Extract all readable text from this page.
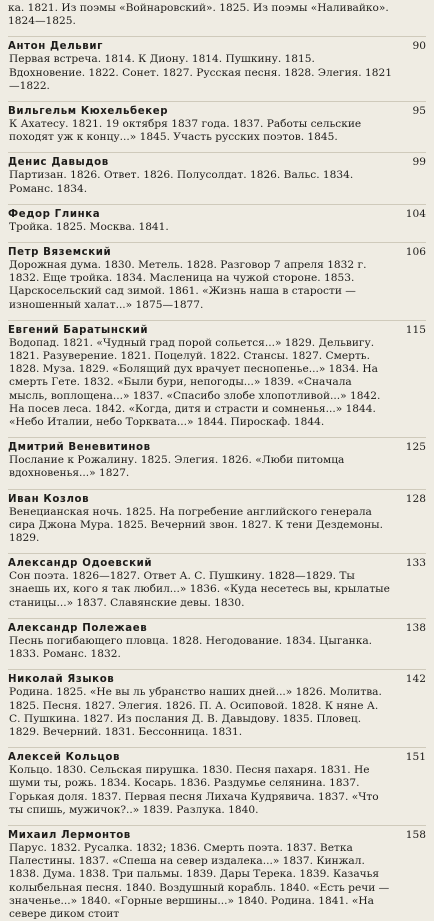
ка. 1821. Из поэмы «Войнаровский». 1825. Из поэмы «Наливайко». 1824—1825.
Антон Дельвиг	90
Первая встреча. 1814. К Диону. 1814. Пушкину. 1815. Вдохновение. 1822. Сонет. 1827. Русская песня. 1828. Элегия. 1821—1822.
Вильгельм Кюхельбекер	95
К Ахатесу. 1821. 19 октября 1837 года. 1837. Работы сельские походят уж к концу...» 1845. Участь русских поэтов. 1845.
Денис Давыдов	99
Партизан. 1826. Ответ. 1826. Полусолдат. 1826. Вальс. 1834. Романс. 1834.
Федор Глинка	104
Тройка. 1825. Москва. 1841.
Петр Вяземский	106
Дорожная дума. 1830. Метель. 1828. Разговор 7 апреля 1832 г. 1832. Еще тройка. 1834. Масленица на чужой стороне. 1853. Царскосельский сад зимой. 1861. «Жизнь наша в старости — изношенный халат...» 1875—1877.
Евгений Баратынский	115
Водопад. 1821. «Чудный град порой сольется...» 1829. Дельвигу. 1821. Разуверение. 1821. Поцелуй. 1822. Стансы. 1827. Смерть. 1828. Муза. 1829. «Болящий дух врачует песнопенье...» 1834. На смерть Гете. 1832. «Были бури, непогоды...» 1839. «Сначала мысль, воплощена...» 1837. «Спасибо злобе хлопотливой...» 1842. На посев леса. 1842. «Когда, дитя и страсти и сомненья...» 1844. «Небо Италии, небо Торквата...» 1844. Пироскаф. 1844.
Дмитрий Веневитинов	125
Послание к Рожалину. 1825. Элегия. 1826. «Люби питомца вдохновенья...» 1827.
Иван Козлов	128
Венецианская ночь. 1825. На погребение английского генерала сира Джона Мура. 1825. Вечерний звон. 1827. К тени Дездемоны. 1829.
Александр Одоевский	133
Сон поэта. 1826—1827. Ответ А. С. Пушкину. 1828—1829. Ты знаешь их, кого я так любил...» 1836. «Куда несетесь вы, крылатые станицы...» 1837. Славянские девы. 1830.
Александр Полежаев	138
Песнь погибающего пловца. 1828. Негодование. 1834. Цыганка. 1833. Романс. 1832.
Николай Языков	142
Родина. 1825. «Не вы ль убранство наших дней...» 1826. Молитва. 1825. Песня. 1827. Элегия. 1826. П. А. Осиповой. 1828. К няне А. С. Пушкина. 1827. Из послания Д. В. Давыдову. 1835. Пловец. 1829. Вечерний. 1831. Бессонница. 1831.
Алексей Кольцов	151
Кольцо. 1830. Сельская пирушка. 1830. Песня пахаря. 1831. Не шуми ты, рожь. 1834. Косарь. 1836. Раздумье селянина. 1837. Горькая доля. 1837. Первая песня Лихача Кудрявича. 1837. «Что ты спишь, мужичок?..» 1839. Разлука. 1840.
Михаил Лермонтов	158
Парус. 1832. Русалка. 1832; 1836. Смерть поэта. 1837. Ветка Палестины. 1837. «Спеша на север издалека...» 1837. Кинжал. 1838. Дума. 1838. Три пальмы. 1839. Дары Терека. 1839. Казачья колыбельная песня. 1840. Воздушный корабль. 1840. «Есть речи — значенье...» 1840. «Горные вершины...» 1840. Родина. 1841. «На севере диком стоит
